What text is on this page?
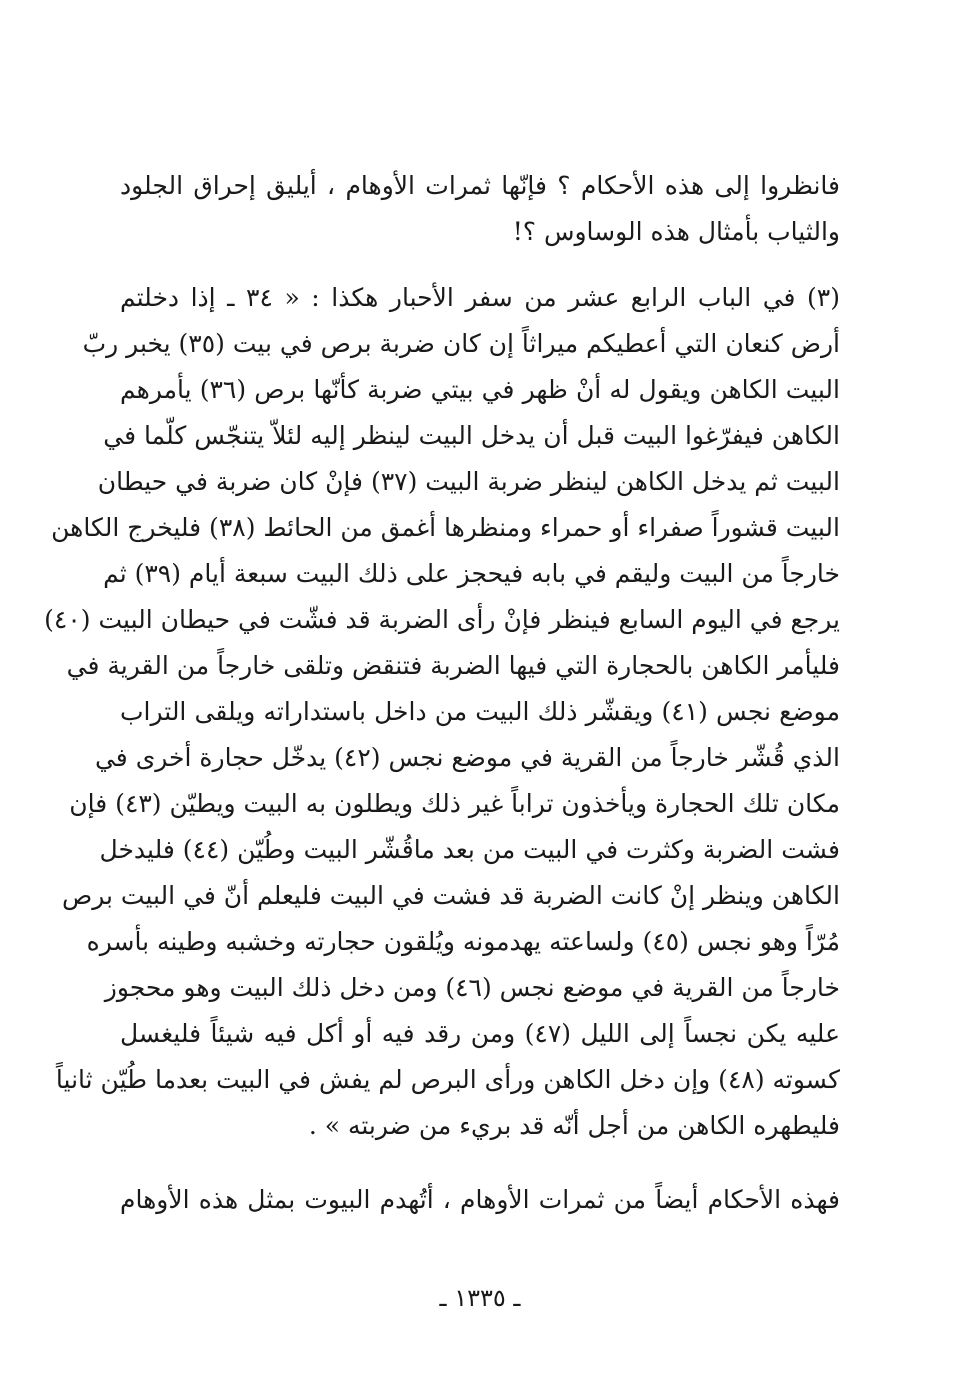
فانظروا إلى هذه الأحكام ؟ فإنّها ثمرات الأوهام ، أيليق إحراق الجلود
والثياب بأمثال هذه الوساوس ؟!
(٣) في الباب الرابع عشر من سفر الأحبار هكذا : « ٣٤ ـ إذا دخلتم
أرض كنعان التي أعطيكم ميراثاً إن كان ضربة برص في بيت (٣٥) يخبر ربّ
البيت الكاهن ويقول له أنْ ظهر في بيتي ضربة كأنّها برص (٣٦) يأمرهم
الكاهن فيفرّغوا البيت قبل أن يدخل البيت لينظر إليه لئلاّ يتنجّس كلّما في
البيت ثم يدخل الكاهن لينظر ضربة البيت (٣٧) فإنْ كان ضربة في حيطان
البيت قشوراً صفراء أو حمراء ومنظرها أغمق من الحائط (٣٨) فليخرج الكاهن
خارجاً من البيت وليقم في بابه فيحجز على ذلك البيت سبعة أيام (٣٩) ثم
يرجع في اليوم السابع فينظر فإنْ رأى الضربة قد فشّت في حيطان البيت (٤٠)
فليأمر الكاهن بالحجارة التي فيها الضربة فتنقض وتلقى خارجاً من القرية في
موضع نجس (٤١) ويقشّر ذلك البيت من داخل باستداراته ويلقى التراب
الذي قُشّر خارجاً من القرية في موضع نجس (٤٢) يدخّل حجارة أخرى في
مكان تلك الحجارة ويأخذون تراباً غير ذلك ويطلون به البيت ويطيّن (٤٣) فإن
فشت الضربة وكثرت في البيت من بعد ماقُشّر البيت وطُيّن (٤٤) فليدخل
الكاهن وينظر إنْ كانت الضربة قد فشت في البيت فليعلم أنّ في البيت برص
مُرّاً وهو نجس (٤٥) ولساعته يهدمونه ويُلقون حجارته وخشبه وطينه بأسره
خارجاً من القرية في موضع نجس (٤٦) ومن دخل ذلك البيت وهو محجوز
عليه يكن نجساً إلى الليل (٤٧) ومن رقد فيه أو أكل فيه شيئاً فليغسل
كسوته (٤٨) وإن دخل الكاهن ورأى البرص لم يفش في البيت بعدما طُيّن ثانياً
فليطهره الكاهن من أجل أنّه قد بريء من ضربته » .
فهذه الأحكام أيضاً من ثمرات الأوهام ، أتُهدم البيوت بمثل هذه الأوهام
ـ ١٣٣٥ ـ
